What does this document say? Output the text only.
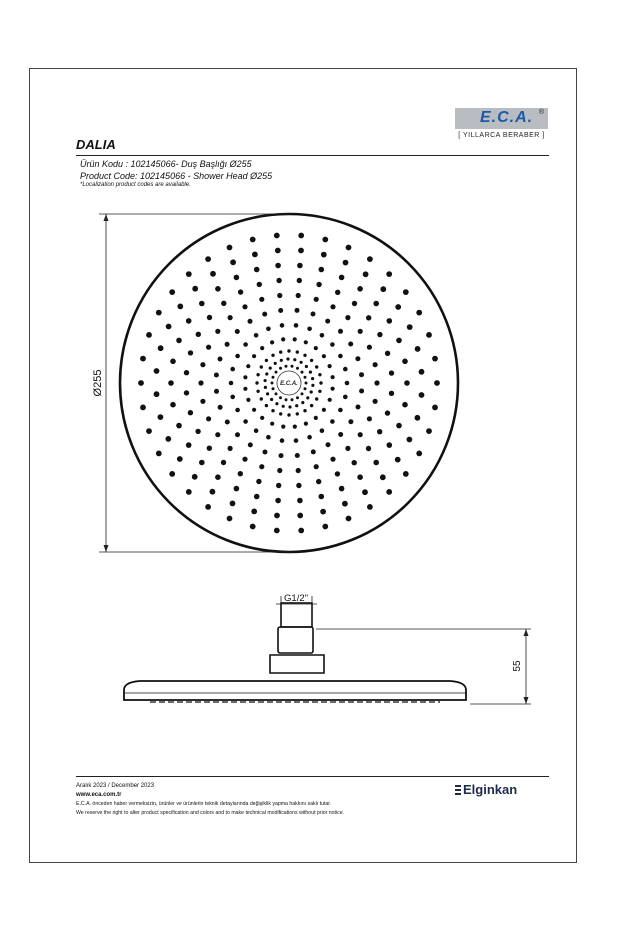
E.C.A. ®
[ YILLARCA BERABER ]
DALIA
Ürün Kodu : 102145066- Duş Başlığı Ø255
Product Code: 102145066 - Shower Head Ø255
*Localization product codes are available.
E.C.A.
Ø255
G1/2"
55
Aralık 2023 / December 2023
www.eca.com.tr
E.C.A. önceden haber vermeksizin, ürünler ve ürünlerin teknik detaylarında değişiklik yapma hakkını saklı tutar.
We reserve the right to alter product specification and colors and to make technical modifications without prior notice.
Elginkan
